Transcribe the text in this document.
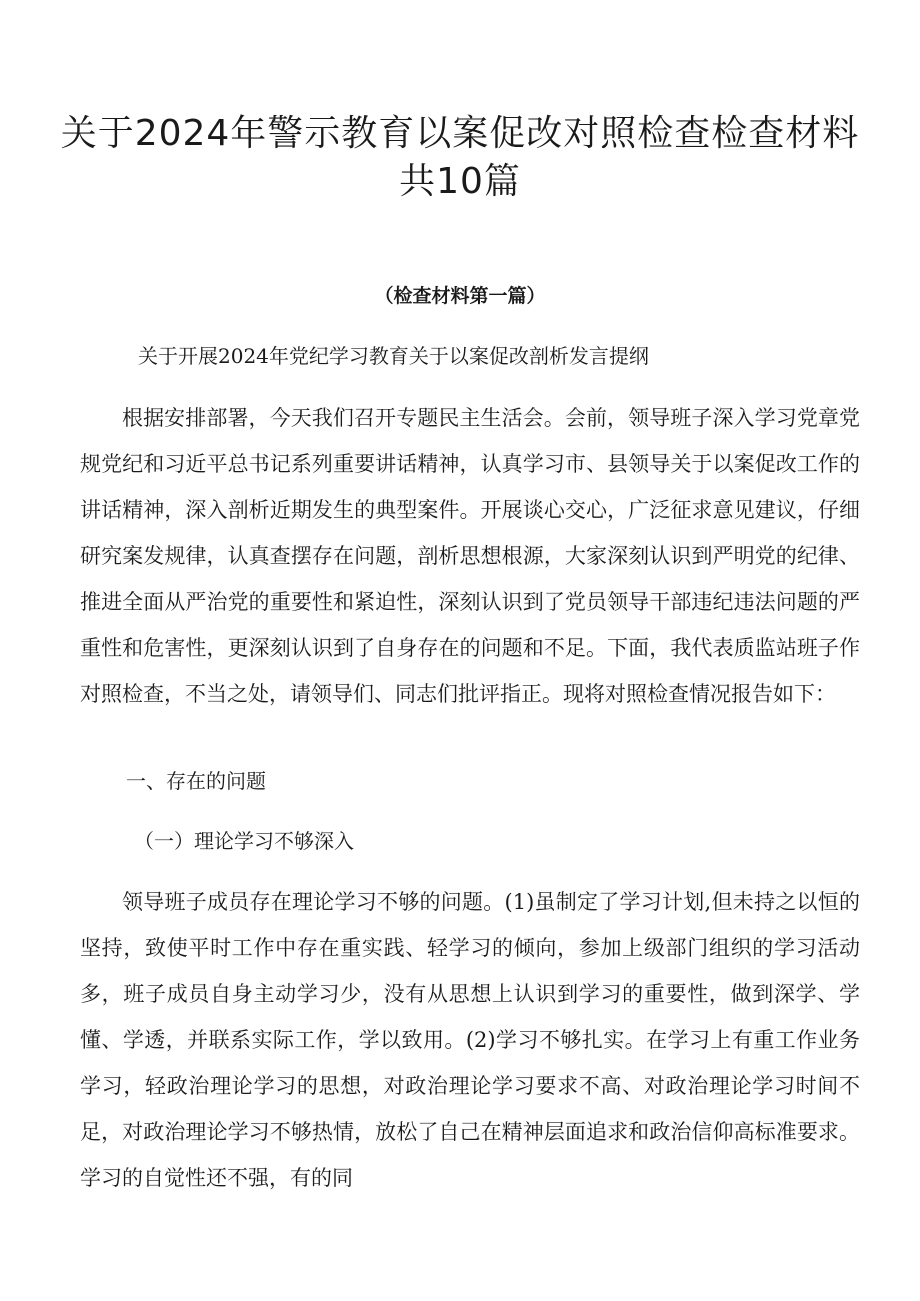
关于2024年警示教育以案促改对照检查检查材料共10篇
（检查材料第一篇）
关于开展2024年党纪学习教育关于以案促改剖析发言提纲

根据安排部署，今天我们召开专题民主生活会。会前，领导班子深入学习党章党规党纪和习近平总书记系列重要讲话精神，认真学习市、县领导关于以案促改工作的讲话精神，深入剖析近期发生的典型案件。开展谈心交心，广泛征求意见建议，仔细研究案发规律，认真查摆存在问题，剖析思想根源，大家深刻认识到严明党的纪律、推进全面从严治党的重要性和紧迫性，深刻认识到了党员领导干部违纪违法问题的严重性和危害性，更深刻认识到了自身存在的问题和不足。下面，我代表质监站班子作对照检查，不当之处，请领导们、同志们批评指正。现将对照检查情况报告如下：

一、存在的问题
（一）理论学习不够深入

领导班子成员存在理论学习不够的问题。(1)虽制定了学习计划,但未持之以恒的坚持，致使平时工作中存在重实践、轻学习的倾向，参加上级部门组织的学习活动多，班子成员自身主动学习少，没有从思想上认识到学习的重要性，做到深学、学懂、学透，并联系实际工作，学以致用。(2)学习不够扎实。在学习上有重工作业务学习，轻政治理论学习的思想，对政治理论学习要求不高、对政治理论学习时间不足，对政治理论学习不够热情，放松了自己在精神层面追求和政治信仰高标准要求。学习的自觉性还不强，有的同
